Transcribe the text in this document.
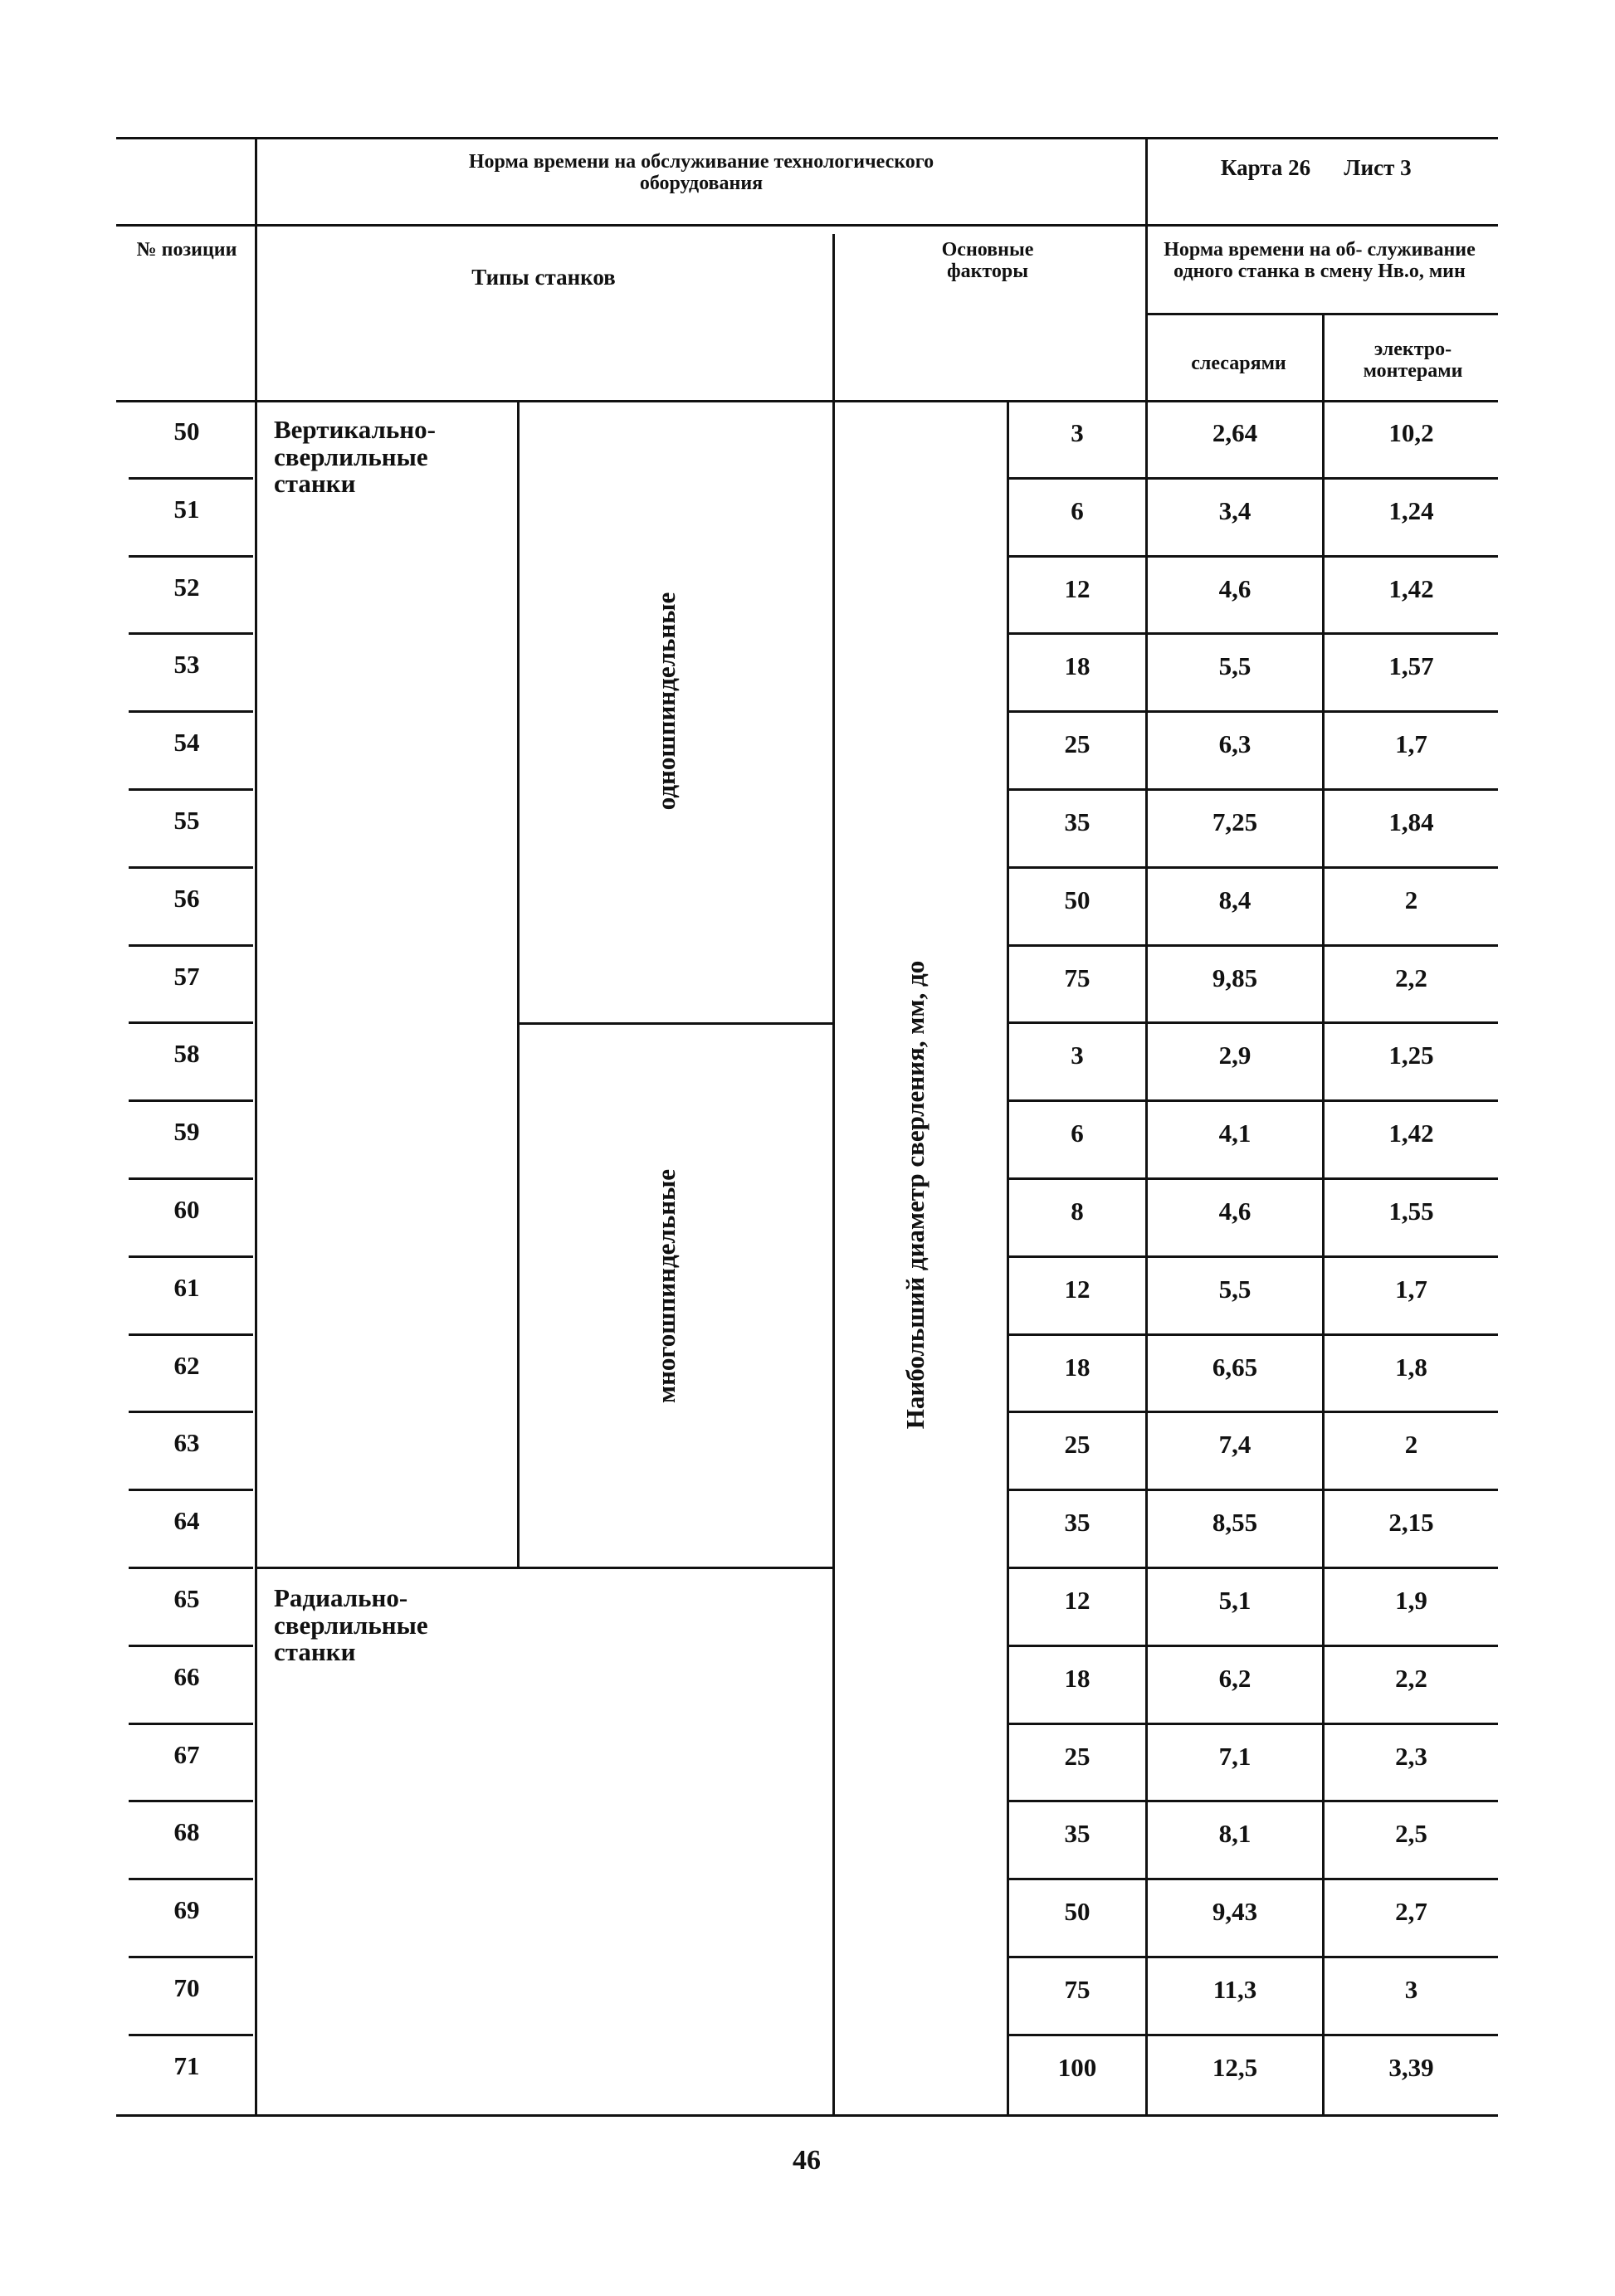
Норма времени на обслуживание технологического оборудования
Карта 26	Лист 3
№ позиции
Типы станков
Основные факторы
Норма времени на об- служивание одного станка в смену Нв.о, мин
слесарями
электро- монтерами
Вертикально- сверлильные станки
одношпиндельные
многошпиндельные
Радиально- сверлильные станки
Наибольший диаметр сверления, мм, до
50	3	2,64	10,2
51	6	3,4	1,24
52	12	4,6	1,42
53	18	5,5	1,57
54	25	6,3	1,7
55	35	7,25	1,84
56	50	8,4	2
57	75	9,85	2,2
58	3	2,9	1,25
59	6	4,1	1,42
60	8	4,6	1,55
61	12	5,5	1,7
62	18	6,65	1,8
63	25	7,4	2
64	35	8,55	2,15
65	12	5,1	1,9
66	18	6,2	2,2
67	25	7,1	2,3
68	35	8,1	2,5
69	50	9,43	2,7
70	75	11,3	3
71	100	12,5	3,39
46
